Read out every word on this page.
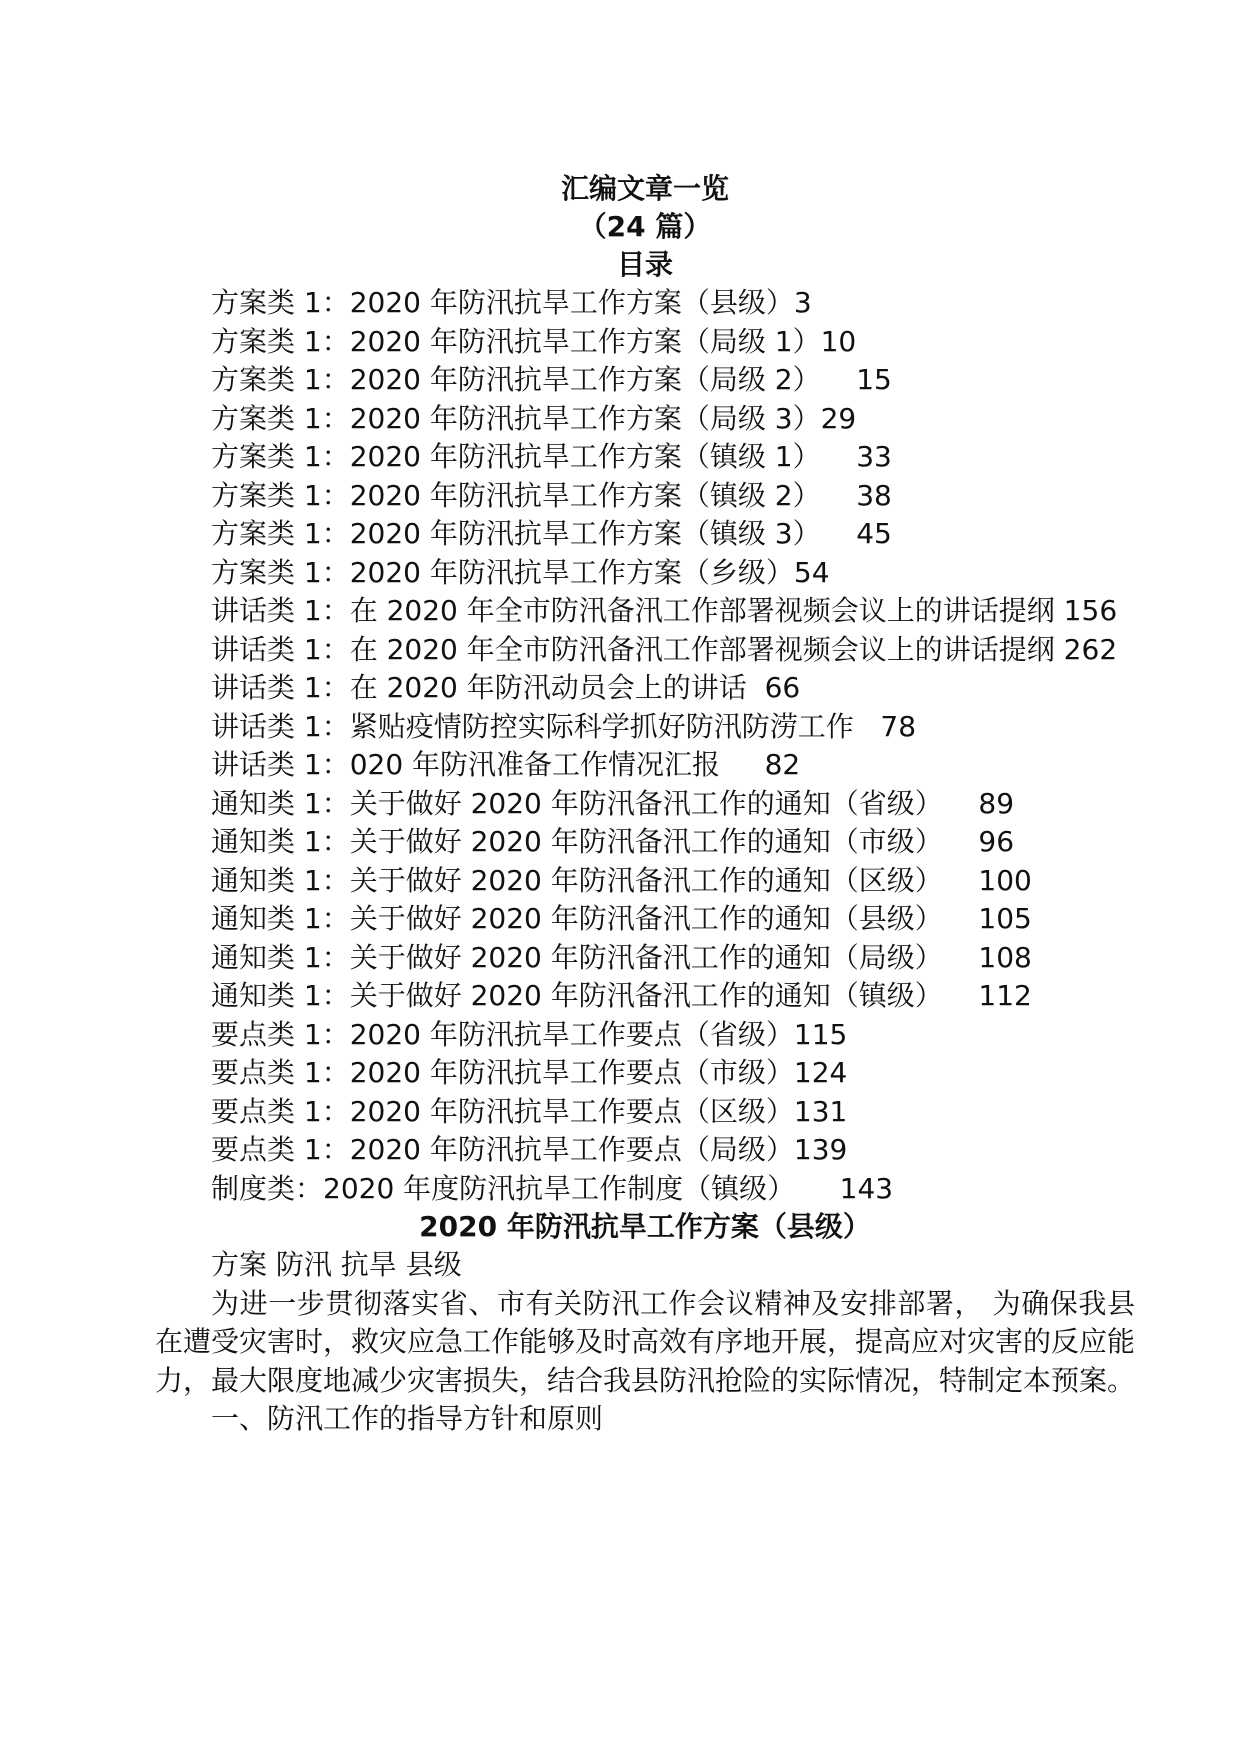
汇编文章一览

（24 篇）

目录

方案类 1：2020 年防汛抗旱工作方案（县级）3
方案类 1：2020 年防汛抗旱工作方案（局级 1）10
方案类 1：2020 年防汛抗旱工作方案（局级 2）    15
方案类 1：2020 年防汛抗旱工作方案（局级 3）29
方案类 1：2020 年防汛抗旱工作方案（镇级 1）    33
方案类 1：2020 年防汛抗旱工作方案（镇级 2）    38
方案类 1：2020 年防汛抗旱工作方案（镇级 3）    45
方案类 1：2020 年防汛抗旱工作方案（乡级）54
讲话类 1：在 2020 年全市防汛备汛工作部署视频会议上的讲话提纲 156
讲话类 1：在 2020 年全市防汛备汛工作部署视频会议上的讲话提纲 262
讲话类 1：在 2020 年防汛动员会上的讲话  66
讲话类 1：紧贴疫情防控实际科学抓好防汛防涝工作   78
讲话类 1：020 年防汛准备工作情况汇报     82
通知类 1：关于做好 2020 年防汛备汛工作的通知（省级）    89
通知类 1：关于做好 2020 年防汛备汛工作的通知（市级）    96
通知类 1：关于做好 2020 年防汛备汛工作的通知（区级）    100
通知类 1：关于做好 2020 年防汛备汛工作的通知（县级）    105
通知类 1：关于做好 2020 年防汛备汛工作的通知（局级）    108
通知类 1：关于做好 2020 年防汛备汛工作的通知（镇级）    112
要点类 1：2020 年防汛抗旱工作要点（省级）115
要点类 1：2020 年防汛抗旱工作要点（市级）124
要点类 1：2020 年防汛抗旱工作要点（区级）131
要点类 1：2020 年防汛抗旱工作要点（局级）139
制度类：2020 年度防汛抗旱工作制度（镇级）     143

2020 年防汛抗旱工作方案（县级）

方案 防汛 抗旱 县级

为进一步贯彻落实省、市有关防汛工作会议精神及安排部署， 为确保我县在遭受灾害时，救灾应急工作能够及时高效有序地开展，提高应对灾害的反应能力，最大限度地减少灾害损失，结合我县防汛抢险的实际情况，特制定本预案。

一、防汛工作的指导方针和原则
